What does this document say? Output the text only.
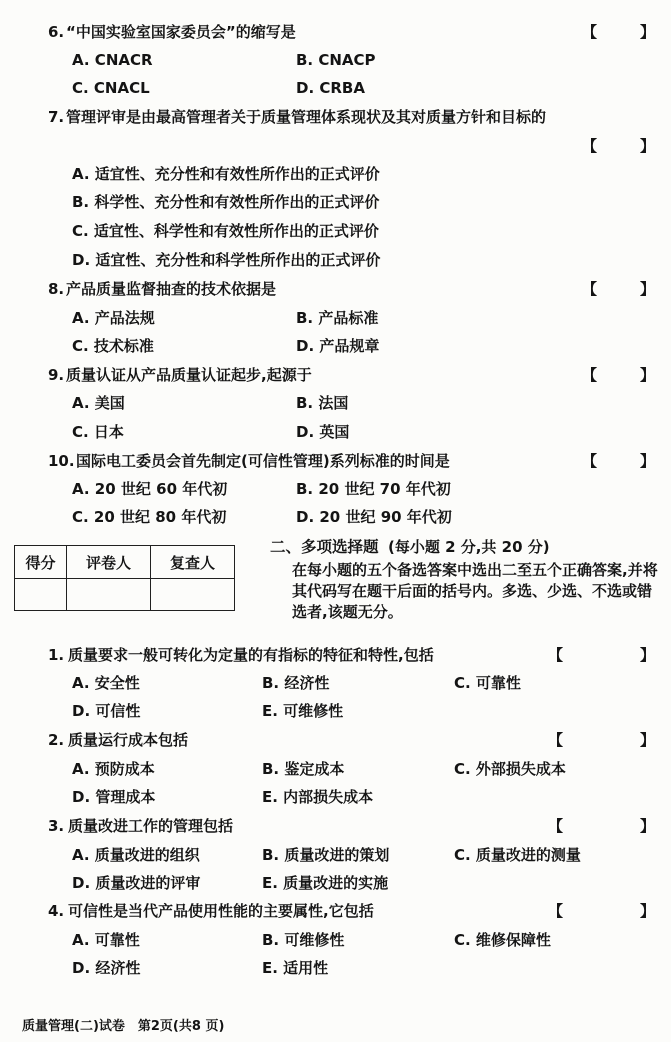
6. “中国实验室国家委员会”的缩写是	【	】
A. CNACR	B. CNACP
C. CNACL	D. CRBA
7. 管理评审是由最高管理者关于质量管理体系现状及其对质量方针和目标的
【	】
A. 适宜性、充分性和有效性所作出的正式评价
B. 科学性、充分性和有效性所作出的正式评价
C. 适宜性、科学性和有效性所作出的正式评价
D. 适宜性、充分性和科学性所作出的正式评价
8. 产品质量监督抽查的技术依据是	【	】
A. 产品法规	B. 产品标准
C. 技术标准	D. 产品规章
9. 质量认证从产品质量认证起步,起源于	【	】
A. 美国	B. 法国
C. 日本	D. 英国
10. 国际电工委员会首先制定(可信性管理)系列标准的时间是	【	】
A. 20 世纪 60 年代初	B. 20 世纪 70 年代初
C. 20 世纪 80 年代初	D. 20 世纪 90 年代初
得分	评卷人	复查人

二、多项选择题 (每小题 2 分,共 20 分)
在每小题的五个备选答案中选出二至五个正确答案,并将其代码写在题干后面的括号内。多选、少选、不选或错选者,该题无分。
1. 质量要求一般可转化为定量的有指标的特征和特性,包括	【	】
A. 安全性	B. 经济性	C. 可靠性
D. 可信性	E. 可维修性
2. 质量运行成本包括	【	】
A. 预防成本	B. 鉴定成本	C. 外部损失成本
D. 管理成本	E. 内部损失成本
3. 质量改进工作的管理包括	【	】
A. 质量改进的组织	B. 质量改进的策划	C. 质量改进的测量
D. 质量改进的评审	E. 质量改进的实施
4. 可信性是当代产品使用性能的主要属性,它包括	【	】
A. 可靠性	B. 可维修性	C. 维修保障性
D. 经济性	E. 适用性
质量管理(二)试卷　第2页(共8 页)
